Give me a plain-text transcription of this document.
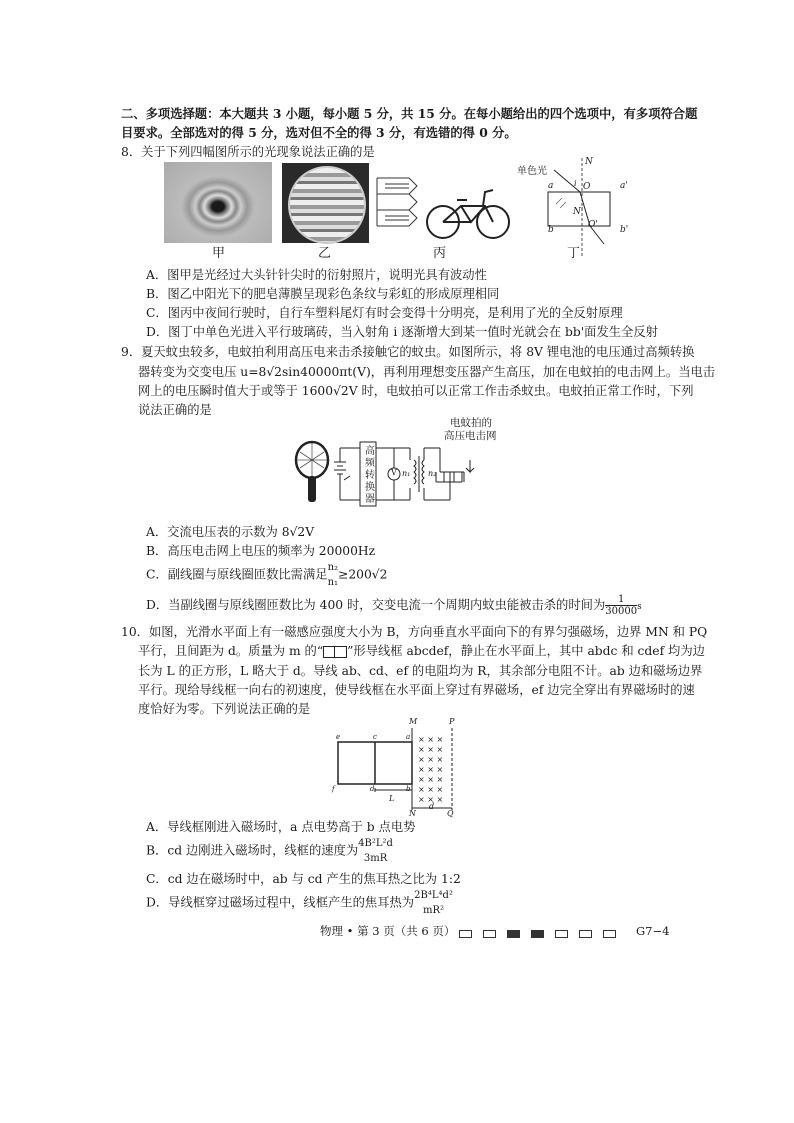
二、多项选择题：本大题共 3 小题，每小题 5 分，共 15 分。在每小题给出的四个选项中，有多项符合题
目要求。全部选对的得 5 分，选对但不全的得 3 分，有选错的得 0 分。
8．关于下列四幅图所示的光现象说法正确的是
甲	乙	丙
单色光
N
a	O	a'
i
N'
b	O' b'
丁
A．图甲是光经过大头针针尖时的衍射照片，说明光具有波动性
B．图乙中阳光下的肥皂薄膜呈现彩色条纹与彩虹的形成原理相同
C．图丙中夜间行驶时，自行车塑料尾灯有时会变得十分明亮，是利用了光的全反射原理
D．图丁中单色光进入平行玻璃砖，当入射角 i 逐渐增大到某一值时光就会在 bb'面发生全反射
9．夏天蚊虫较多，电蚊拍利用高压电来击杀接触它的蚊虫。如图所示，将 8V 锂电池的电压通过高频转换
器转变为交变电压 u=8√2sin40000πt(V)，再利用理想变压器产生高压，加在电蚊拍的电击网上。当电击
网上的电压瞬时值大于或等于 1600√2V 时，电蚊拍可以正常工作击杀蚊虫。电蚊拍正常工作时，下列
说法正确的是
电蚊拍的
高压电击网
高
频
转
换
器
V n₁ n₂
A．交流电压表的示数为 8√2V
B．高压电击网上电压的频率为 20000Hz
C．副线圈与原线圈匝数比需满足 n₂
n₁
≥200√2
D．当副线圈与原线圈匝数比为 400 时，交变电流一个周期内蚊虫能被击杀的时间为 $\frac{1}{30000}$ s
10．如图，光滑水平面上有一磁感应强度大小为 B，方向垂直水平面向下的有界匀强磁场，边界 MN 和 PQ
平行，且间距为 d。质量为 m 的“ ”形导线框 abcdef，静止在水平面上，其中 abdc 和 cdef 均为边
长为 L 的正方形，L 略大于 d。导线 ab、cd、ef 的电阻均为 R，其余部分电阻不计。ab 边和磁场边界
平行。现给导线框一向右的初速度，使导线框在水平面上穿过有界磁场，ef 边完全穿出有界磁场时的速
度恰好为零。下列说法正确的是
× × ×
× × ×
× × ×
× × ×
× × ×
× × ×
× × ×
M	P
e	c	a
f	d	b
L
d
N	Q
A．导线框刚进入磁场时，a 点电势高于 b 点电势
B．cd 边刚进入磁场时，线框的速度为 4B²L²d
3mR
C．cd 边在磁场时中，ab 与 cd 产生的焦耳热之比为 1:2
D．导线框穿过磁场过程中，线框产生的焦耳热为 2B⁴L⁴d²
mR²
物理 • 第 3 页（共 6 页）	G7−4
